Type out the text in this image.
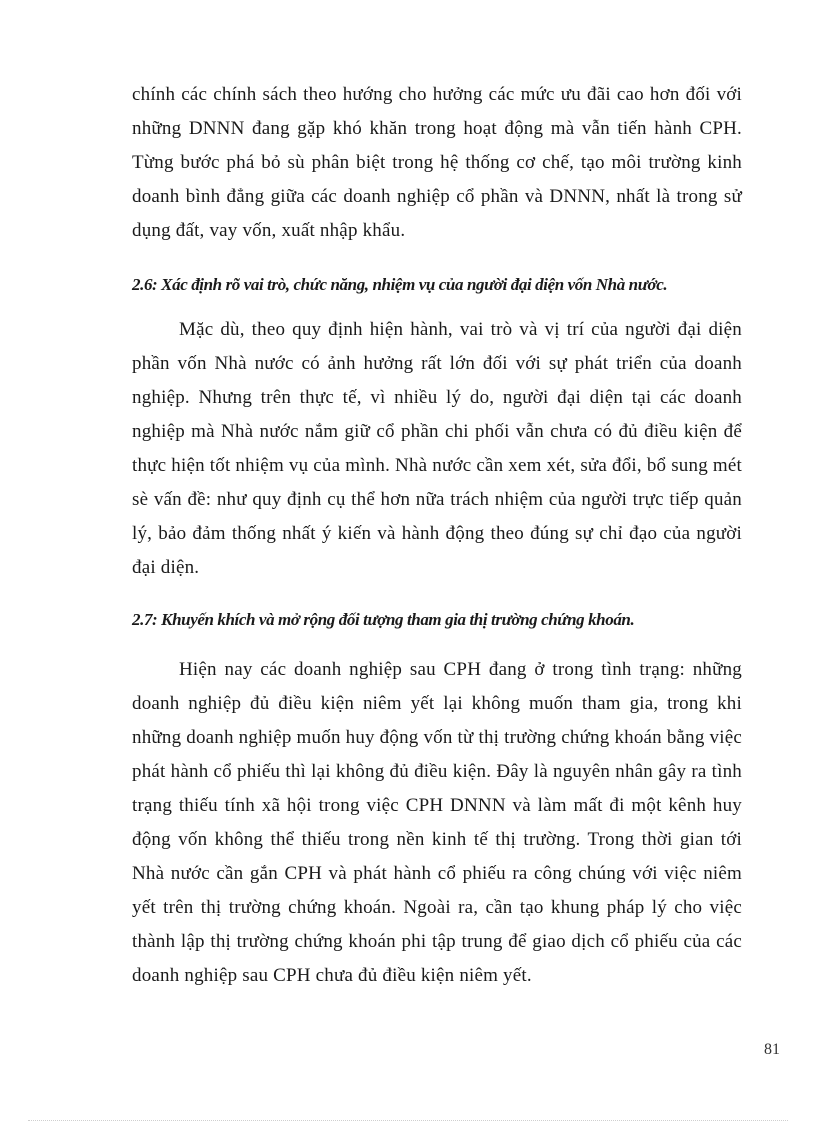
chính các chính sách theo hướng cho hưởng các mức ưu đãi cao hơn đối với những DNNN đang gặp khó khăn trong hoạt động mà vẫn tiến hành CPH. Từng bước phá bỏ sù phân biệt trong hệ thống cơ chế, tạo môi trường kinh doanh bình đẳng giữa các doanh nghiệp cổ phần và DNNN, nhất là trong sử dụng đất, vay vốn, xuất nhập khẩu.

2.6: Xác định rõ vai trò, chức năng, nhiệm vụ của người đại diện vốn Nhà nước.

Mặc dù, theo quy định hiện hành, vai trò và vị trí của người đại diện phần vốn Nhà nước có ảnh hưởng rất lớn đối với sự phát triển của doanh nghiệp. Nhưng trên thực tế, vì nhiều lý do, người đại diện tại các doanh nghiệp mà Nhà nước nắm giữ cổ phần chi phối vẫn chưa có đủ điều kiện để thực hiện tốt nhiệm vụ của mình. Nhà nước cần xem xét, sửa đổi, bổ sung mét sè vấn đề: như quy định cụ thể hơn nữa trách nhiệm của người trực tiếp quản lý, bảo đảm thống nhất ý kiến và hành động theo đúng sự chỉ đạo của người đại diện.

2.7: Khuyến khích và mở rộng đối tượng tham gia thị trường chứng khoán.

Hiện nay các doanh nghiệp sau CPH đang ở trong tình trạng: những doanh nghiệp đủ điều kiện niêm yết lại không muốn tham gia, trong khi những doanh nghiệp muốn huy động vốn từ thị trường chứng khoán bằng việc phát hành cổ phiếu thì lại không đủ điều kiện. Đây là nguyên nhân gây ra tình trạng thiếu tính xã hội trong việc CPH DNNN và làm mất đi một kênh huy động vốn không thể thiếu trong nền kinh tế thị trường. Trong thời gian tới Nhà nước cần gắn CPH và phát hành cổ phiếu ra công chúng với việc niêm yết trên thị trường chứng khoán. Ngoài ra, cần tạo khung pháp lý cho việc thành lập thị trường chứng khoán phi tập trung để giao dịch cổ phiếu của các doanh nghiệp sau CPH chưa đủ điều kiện niêm yết.

81
